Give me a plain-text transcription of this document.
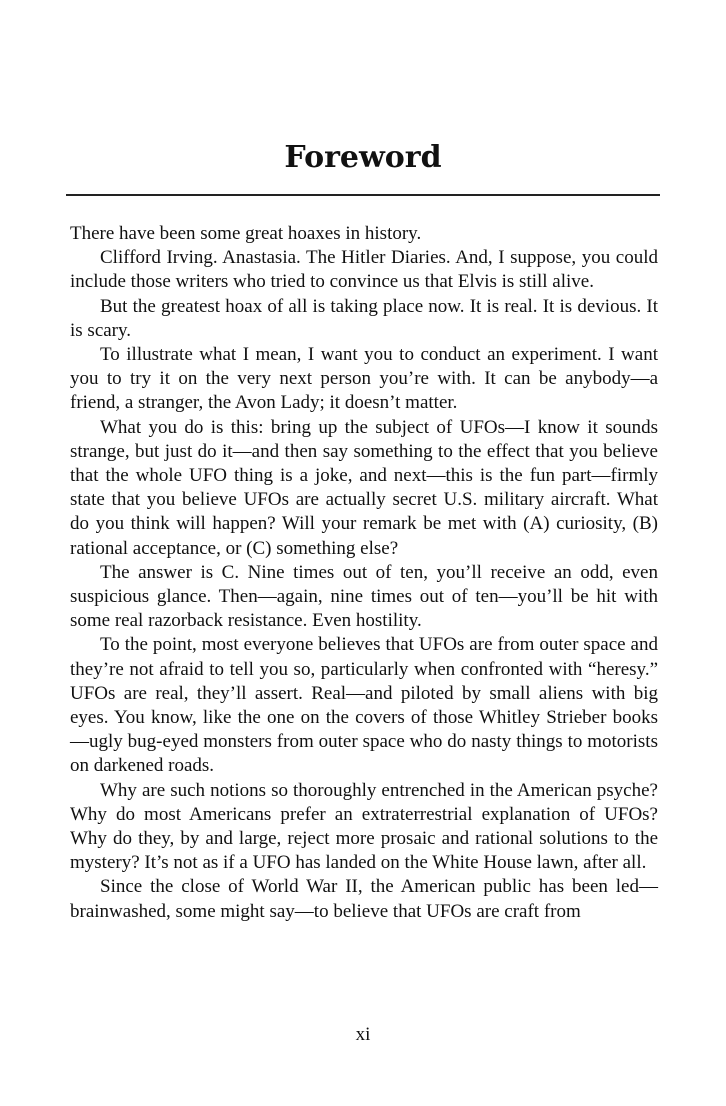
Foreword

There have been some great hoaxes in history.

Clifford Irving. Anastasia. The Hitler Diaries. And, I suppose, you could include those writers who tried to convince us that Elvis is still alive.

But the greatest hoax of all is taking place now. It is real. It is devious. It is scary.

To illustrate what I mean, I want you to conduct an experiment. I want you to try it on the very next person you’re with. It can be anybody—a friend, a stranger, the Avon Lady; it doesn’t matter.

What you do is this: bring up the subject of UFOs—I know it sounds strange, but just do it—and then say something to the effect that you believe that the whole UFO thing is a joke, and next—this is the fun part—firmly state that you believe UFOs are actually secret U.S. military aircraft. What do you think will happen? Will your remark be met with (A) curiosity, (B) rational acceptance, or (C) something else?

The answer is C. Nine times out of ten, you’ll receive an odd, even suspicious glance. Then—again, nine times out of ten—you’ll be hit with some real razorback resistance. Even hostility.

To the point, most everyone believes that UFOs are from outer space and they’re not afraid to tell you so, particularly when confronted with “heresy.” UFOs are real, they’ll assert. Real—and piloted by small aliens with big eyes. You know, like the one on the covers of those Whitley Strieber books—ugly bug-eyed monsters from outer space who do nasty things to motorists on darkened roads.

Why are such notions so thoroughly entrenched in the American psyche? Why do most Americans prefer an extraterrestrial explanation of UFOs? Why do they, by and large, reject more prosaic and rational solutions to the mystery? It’s not as if a UFO has landed on the White House lawn, after all.

Since the close of World War II, the American public has been led—brainwashed, some might say—to believe that UFOs are craft from

xi
